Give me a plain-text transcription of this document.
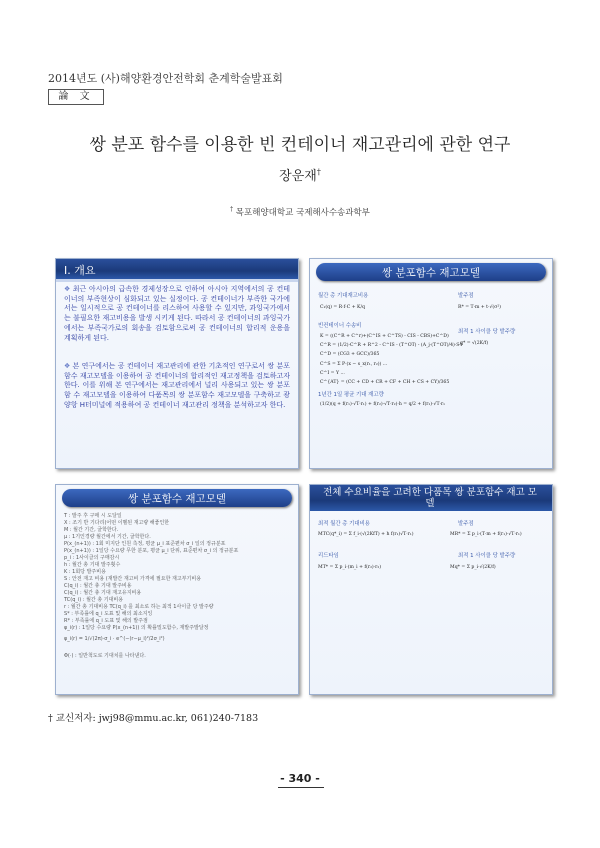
2014년도 (사)해양환경안전학회 춘계학술발표회
論 文
쌍 분포 함수를 이용한 빈 컨테이너 재고관리에 관한 연구
장운재†
† 목포해양대학교 국제해사수송과학부
Ⅰ. 개요
❖ 최근 아시아의 급속한 경제성장으로 인하여 아시아 지역에서의 공 컨테이너의 부족현상이 심화되고 있는 실정이다. 공 컨테이너가 부족한 국가에서는 일시적으로 공 컨테이너를 리스하여 사용할 수 있지만, 과잉국가에서는 불필요한 재고비용을 발생 시키게 된다. 따라서 공 컨테이너의 과잉국가에서는 부족국가로의 회송을 검토함으로써 공 컨테이너의 합리적 운용을 계획하게 된다.
❖ 본 연구에서는 공 컨테이너 재고관리에 관한 기초적인 연구로서 쌍 분포함수 재고모델을 이용하여 공 컨테이너의 합리적인 재고정책을 검토하고자 한다. 이를 위해 본 연구에서는 재고관리에서 널리 사용되고 있는 쌍 분포함 수 재고모델을 이용하여 다품목의 쌍 분포함수 재고모델을 구축하고 광양항 H터미널에 적용하여 공 컨테이너 재고관리 정책을 분석하고자 한다.
쌍 분포함수 재고모델
월간 총 기대재고비용	발주점
C₁(q) = R·f·C + K/q	R* = T·m + t·√(σ²)
빈컨테이너 수송비
최적 1 사이클 당 발주량
K = ((C^R + C^r)+(C^IS + C^TS) - CIS - CBS)+C^D)
C^R = (1/2)·C^R + R^2 - C^IS - (T^OT) - (A_j·(T^OT)/4)·S4
q* = √(2K/f)
C^D = (CG3 + GCC)/365
C^S = Σ P·(x − s_x(r₁, r₂)) ...
C^I = Y ...
C^{AT} = (CC + CD + CR + CF + CH + CS + CY)/365
1년간 1일 평균 기대 재고량
(1/2)(q + f(r₁)·√T·r₁) + f(r₂)·√T·r₂)·h = q/2 + f(r₁)·√T·r₁
쌍 분포함수 재고모델
T : 발주 후 구매 시 도달일
X : 조기 반 기다리(어떤 이벨된 재고량 해좋인한
M : 월간 기간, 굴학한다.
μ : 1기인경량 월간에서 기간, 굴학한다.
P(x_(n+1)) : 1회 미지단 인원 측정, 평균 μ_i 표준편차 σ_i 일의 정규분포
P(x_(n+1)) : 1일당 수요량 무한 분포, 평균 μ_i 단위, 표준편차 σ_i 의 정규분포
p_i : 1사이클의 구매감시
h : 월간 총 기대 발주횟수
K : 1회당 발주비용
S : 안전 재고 비용 (재발간 재고비 가격에 필요한 재고부기비용
C(q_i) : 월간 총 기대 발주비용
C(q_i) : 월간 총 기대 재고유지비용
TC(q_i) : 월간 총 기대비용
r : 월간 총 기대비용 TC(q_i) 를 최소로 하는 최적 1사이클 당 발주량
S* : 부족률에 q_i 도표 및 해의 최소지잉
R* : 부족률에 q_i 도표 및 해의 발주점
φ_i(r) : 1일당 수요량 P(x_(n+1)) 의 확률밀도함수, 재발주발달정
φ_i(r) = 1/√(2π)·σ_i · e^(−(r−μ_i)²/2σ_i²)
Φ(·) : 일반척도로 기대치를 나타낸다.
전체 수요비율을 고려한 다품목 쌍 분포함수 재고 모델
최적 월간 총 기대비용	발주점
MTC(q*_i) = Σ f_i·(√(2KfT) + h f(r₁)√T·r₁)	MR* = Σ p_i·(T·m + f(r₁)·√T·r₁)
리드타임	최적 1 사이클 당 발주량
MT* = Σ p_i·(m_i + f(r₂)·r₂)	Mq* = Σ p_i·√(2K/f)
† 교신저자: jwj98@mmu.ac.kr, 061)240-7183
- 340 -
